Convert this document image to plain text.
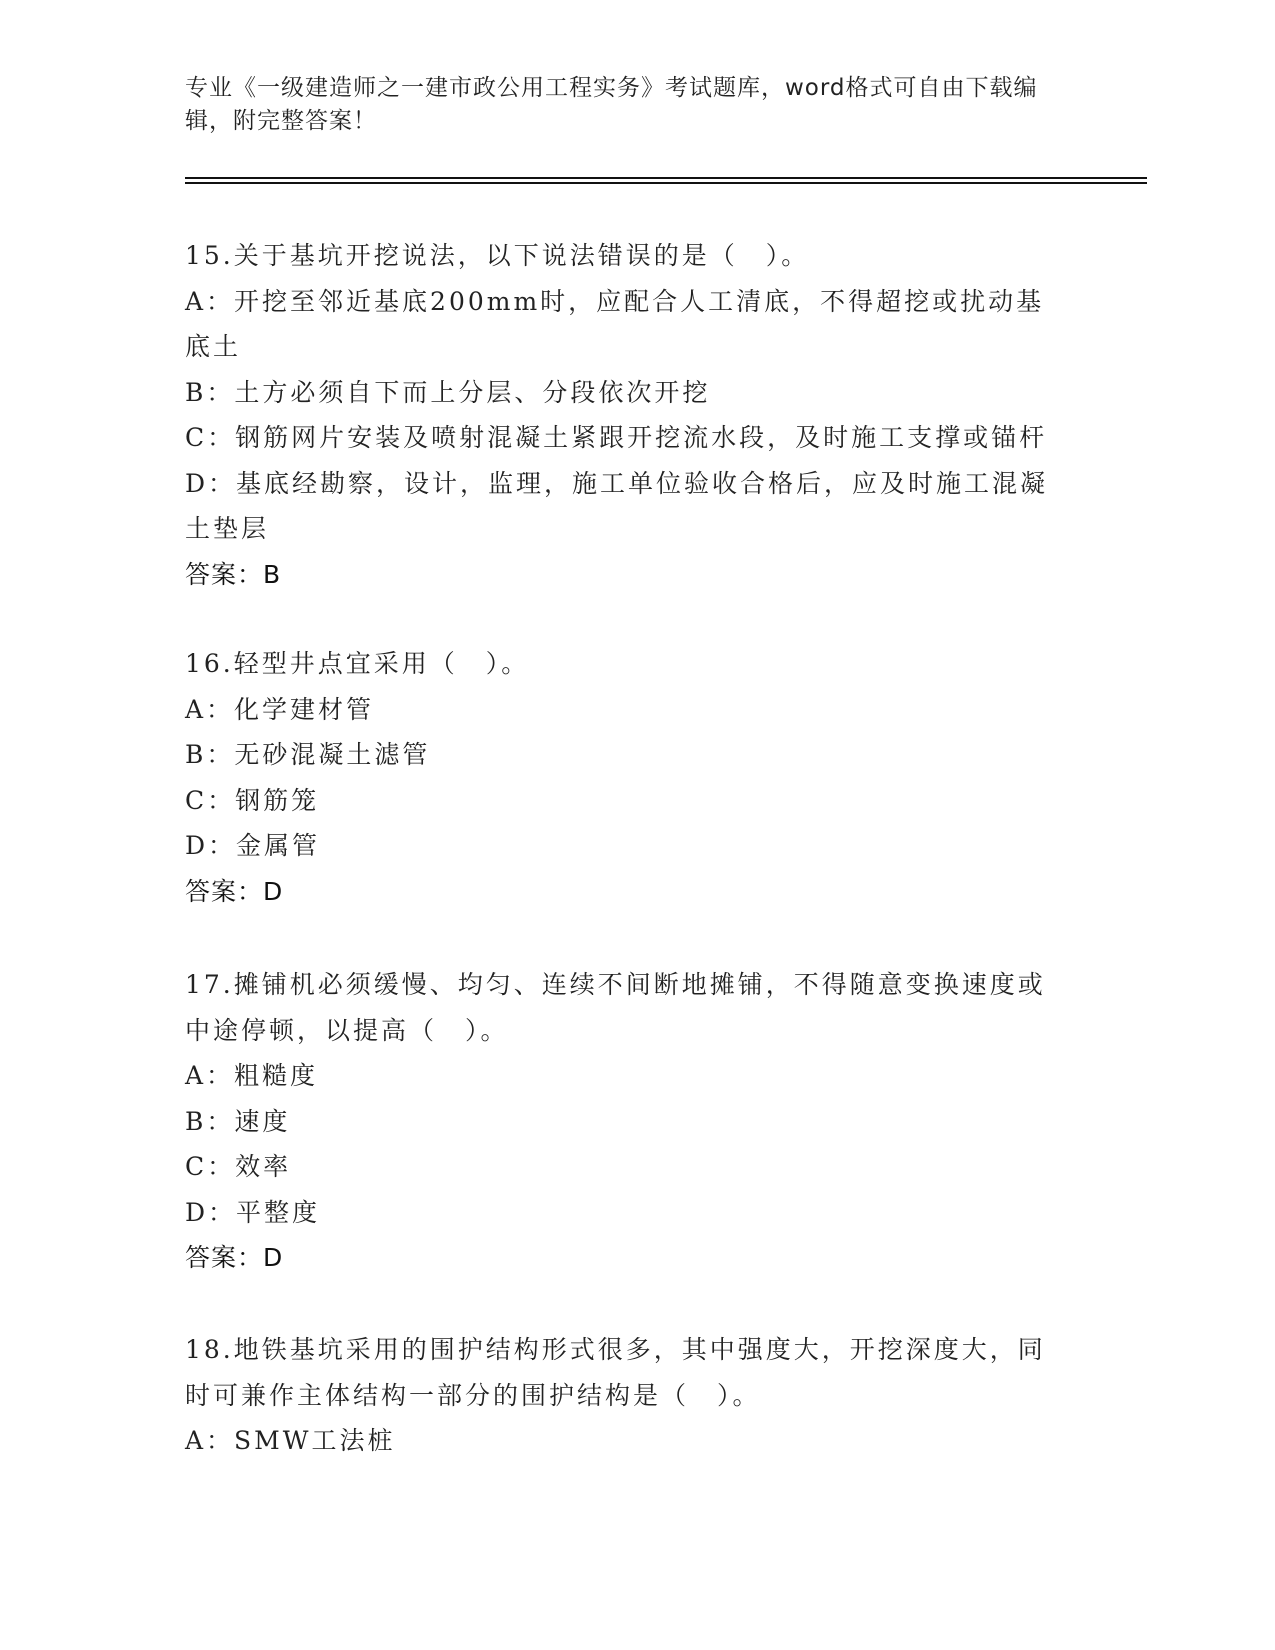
专业《一级建造师之一建市政公用工程实务》考试题库，word格式可自由下载编辑，附完整答案！
15.关于基坑开挖说法，以下说法错误的是（　）。
A：开挖至邻近基底200mm时，应配合人工清底，不得超挖或扰动基底土
B：土方必须自下而上分层、分段依次开挖
C：钢筋网片安装及喷射混凝土紧跟开挖流水段，及时施工支撑或锚杆
D：基底经勘察，设计，监理，施工单位验收合格后，应及时施工混凝土垫层
答案：B
16.轻型井点宜采用（　）。
A：化学建材管
B：无砂混凝土滤管
C：钢筋笼
D：金属管
答案：D
17.摊铺机必须缓慢、均匀、连续不间断地摊铺，不得随意变换速度或中途停顿，以提高（　）。
A：粗糙度
B：速度
C：效率
D：平整度
答案：D
18.地铁基坑采用的围护结构形式很多，其中强度大，开挖深度大，同时可兼作主体结构一部分的围护结构是（　）。
A：SMW工法桩
